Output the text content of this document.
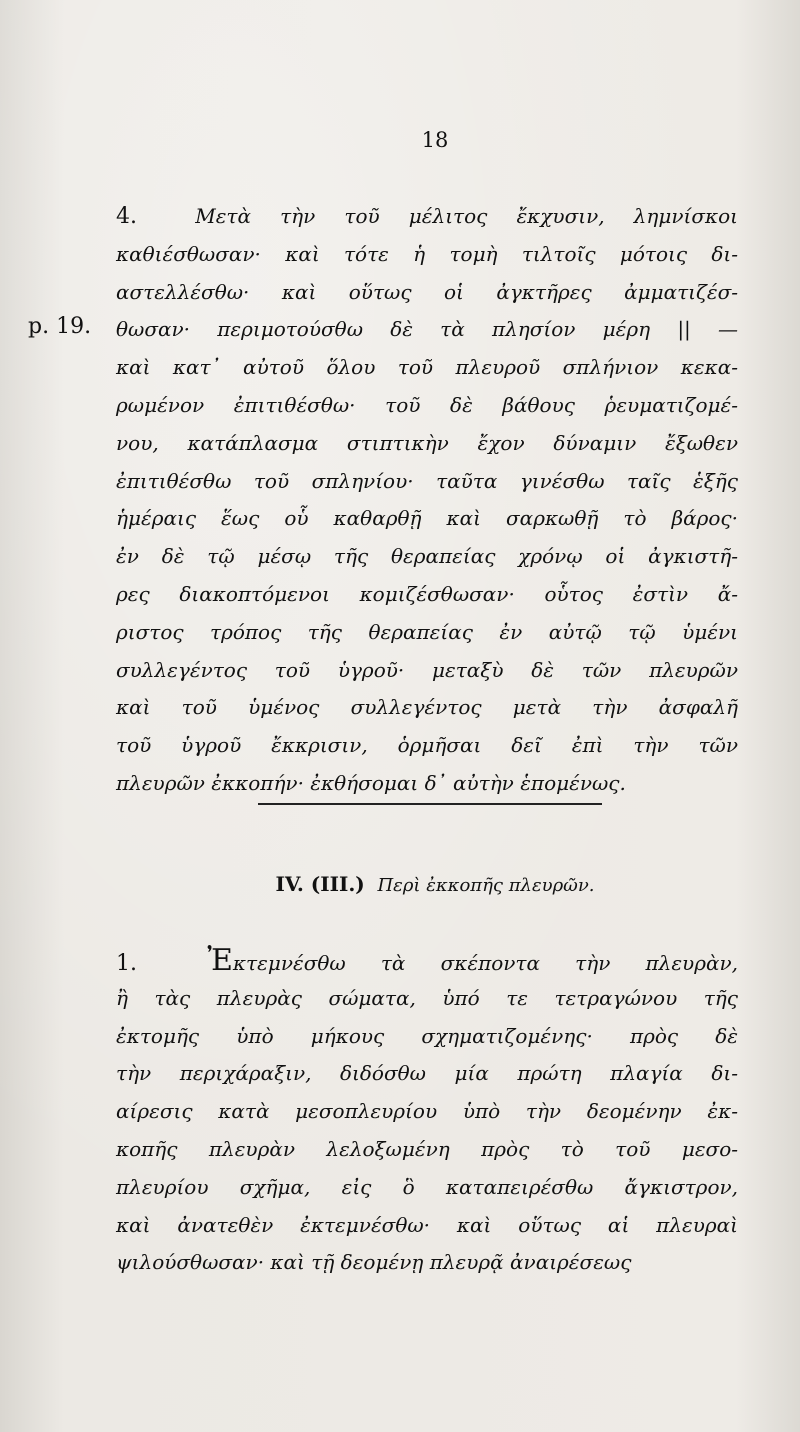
18
p. 19.
4.	Μετὰ τὴν τοῦ μέλιτος ἔκχυσιν, λημνίσκοι
καθιέσθωσαν· καὶ τότε ἡ τομὴ τιλτοῖς μότοις δι-
αστελλέσθω· καὶ οὕτως οἱ ἀγκτῆρες ἀμματιζέσ-
θωσαν· περιμοτούσθω δὲ τὰ πλησίον μέρη || —
καὶ κατ᾽ αὐτοῦ ὅλου τοῦ πλευροῦ σπλήνιον κεκα-
ρωμένον ἐπιτιθέσθω· τοῦ δὲ βάθους ῥευματιζομέ-
νου, κατάπλασμα στιπτικὴν ἔχον δύναμιν ἔξωθεν
ἐπιτιθέσθω τοῦ σπληνίου· ταῦτα γινέσθω ταῖς ἑξῆς
ἡμέραις ἕως οὗ καθαρθῇ καὶ σαρκωθῇ τὸ βάρος·
ἐν δὲ τῷ μέσῳ τῆς θεραπείας χρόνῳ οἱ ἀγκιστῆ-
ρες διακοπτόμενοι κομιζέσθωσαν· οὗτος ἐστὶν ἄ-
ριστος τρόπος τῆς θεραπείας ἐν αὐτῷ τῷ ὑμένι
συλλεγέντος τοῦ ὑγροῦ· μεταξὺ δὲ τῶν πλευρῶν
καὶ τοῦ ὑμένος συλλεγέντος μετὰ τὴν ἀσφαλῆ
τοῦ ὑγροῦ ἔκκρισιν, ὁρμῆσαι δεῖ ἐπὶ τὴν τῶν
πλευρῶν ἐκκοπήν· ἐκθήσομαι δ᾽ αὐτὴν ἑπομένως.
IV. (III.) Περὶ ἐκκοπῆς πλευρῶν.
1. Ἐκτεμνέσθω τὰ σκέποντα τὴν πλευρὰν,
ἢ τὰς πλευρὰς σώματα, ὑπό τε τετραγώνου τῆς
ἐκτομῆς ὑπὸ μήκους σχηματιζομένης· πρὸς δὲ
τὴν περιχάραξιν, διδόσθω μία πρώτη πλαγία δι-
αίρεσις κατὰ μεσοπλευρίου ὑπὸ τὴν δεομένην ἐκ-
κοπῆς πλευρὰν λελοξωμένη πρὸς τὸ τοῦ μεσο-
πλευρίου σχῆμα, εἰς ὃ καταπειρέσθω ἄγκιστρον,
καὶ ἀνατεθὲν ἐκτεμνέσθω· καὶ οὕτως αἱ πλευραὶ
ψιλούσθωσαν· καὶ τῇ δεομένῃ πλευρᾷ ἀναιρέσεως
